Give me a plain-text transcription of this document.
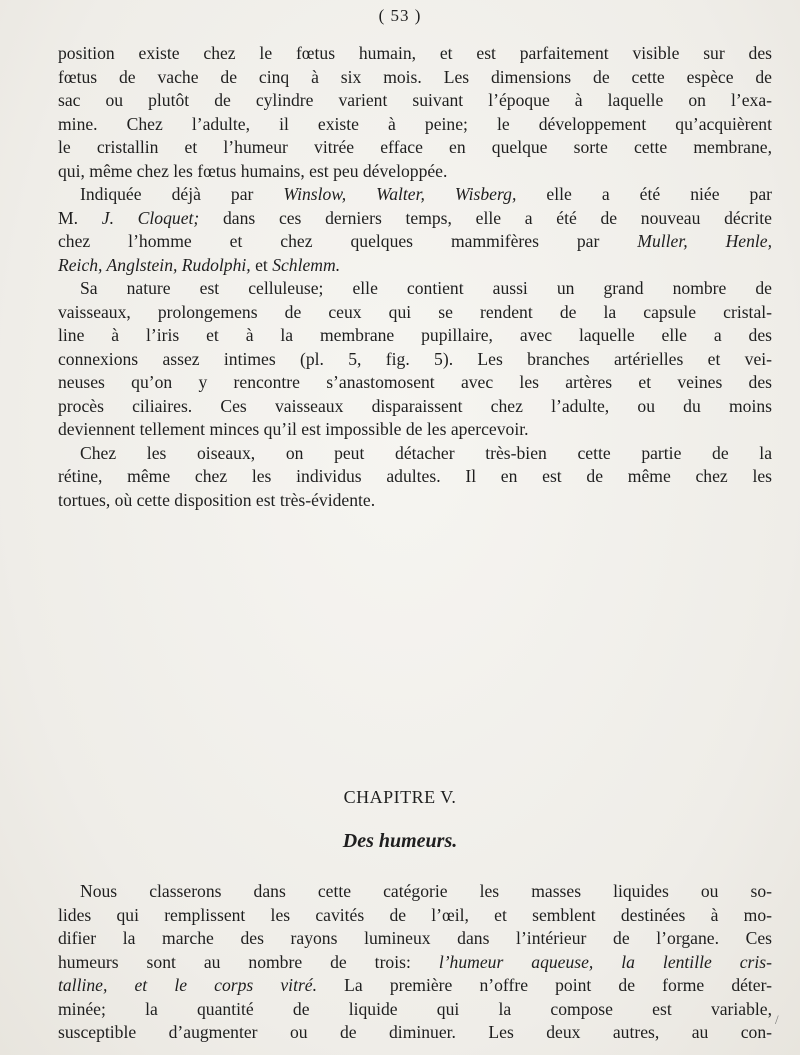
( 53 )

position existe chez le fœtus humain, et est parfaitement visible sur des
fœtus de vache de cinq à six mois. Les dimensions de cette espèce de
sac ou plutôt de cylindre varient suivant l’époque à laquelle on l’exa-
mine. Chez l’adulte, il existe à peine; le développement qu’acquièrent
le cristallin et l’humeur vitrée efface en quelque sorte cette membrane,
qui, même chez les fœtus humains, est peu développée.

Indiquée déjà par Winslow, Walter, Wisberg, elle a été niée par
M. J. Cloquet; dans ces derniers temps, elle a été de nouveau décrite
chez l’homme et chez quelques mammifères par Muller, Henle,
Reich, Anglstein, Rudolphi, et Schlemm.

Sa nature est celluleuse; elle contient aussi un grand nombre de
vaisseaux, prolongemens de ceux qui se rendent de la capsule cristal-
line à l’iris et à la membrane pupillaire, avec laquelle elle a des
connexions assez intimes (pl. 5, fig. 5). Les branches artérielles et vei-
neuses qu’on y rencontre s’anastomosent avec les artères et veines des
procès ciliaires. Ces vaisseaux disparaissent chez l’adulte, ou du moins
deviennent tellement minces qu’il est impossible de les apercevoir.

Chez les oiseaux, on peut détacher très-bien cette partie de la
rétine, même chez les individus adultes. Il en est de même chez les
tortues, où cette disposition est très-évidente.

CHAPITRE V.
Des humeurs.

Nous classerons dans cette catégorie les masses liquides ou so-
lides qui remplissent les cavités de l’œil, et semblent destinées à mo-
difier la marche des rayons lumineux dans l’intérieur de l’organe. Ces
humeurs sont au nombre de trois: l’humeur aqueuse, la lentille cris-
talline, et le corps vitré. La première n’offre point de forme déter-
minée; la quantité de liquide qui la compose est variable,
susceptible d’augmenter ou de diminuer. Les deux autres, au con-

/
